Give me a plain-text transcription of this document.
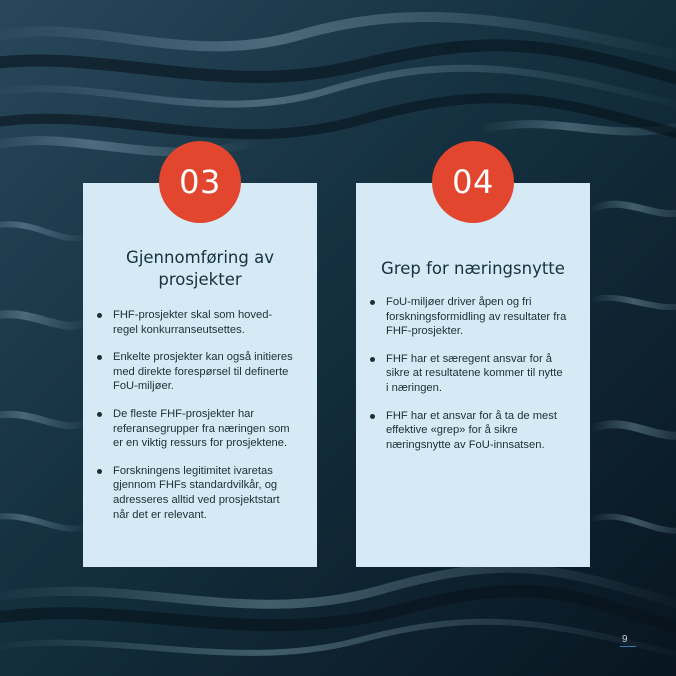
Gjennomføring av prosjekter
FHF-prosjekter skal som hoved-regel konkurranseutsettes.
Enkelte prosjekter kan også initieres med direkte forespørsel til definerte FoU-miljøer.
De fleste FHF-prosjekter har referansegrupper fra næringen som er en viktig ressurs for prosjektene.
Forskningens legitimitet ivaretas gjennom FHFs standardvilkår, og adresseres alltid ved prosjektstart når det er relevant.
Grep for næringsnytte
FoU-miljøer driver åpen og fri forskningsformidling av resultater fra FHF-prosjekter.
FHF har et særegent ansvar for å sikre at resultatene kommer til nytte i næringen.
FHF har et ansvar for å ta de mest effektive «grep» for å sikre næringsnytte av FoU-innsatsen.
03	04
9
